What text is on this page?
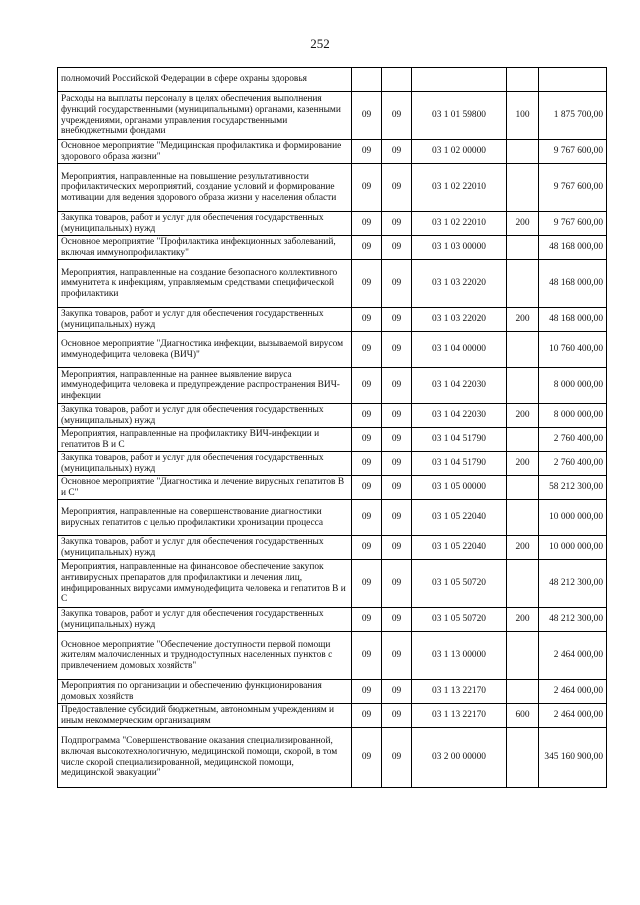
252
полномочий Российской Федерации в сфере охраны здоровья					
Расходы на выплаты персоналу в целях обеспечения выполнения функций государственными (муниципальными) органами, казенными учреждениями, органами управления государственными внебюджетными фондами	09	09	03 1 01 59800	100	1 875 700,00
Основное мероприятие "Медицинская профилактика и формирование здорового образа жизни"	09	09	03 1 02 00000		9 767 600,00
Мероприятия, направленные на повышение результативности профилактических мероприятий, создание условий и формирование мотивации для ведения здорового образа жизни у населения области	09	09	03 1 02 22010		9 767 600,00
Закупка товаров, работ и услуг для обеспечения государственных (муниципальных) нужд	09	09	03 1 02 22010	200	9 767 600,00
Основное мероприятие "Профилактика инфекционных заболеваний, включая иммунопрофилактику"	09	09	03 1 03 00000		48 168 000,00
Мероприятия, направленные на создание безопасного коллективного иммунитета к инфекциям, управляемым средствами специфической профилактики	09	09	03 1 03 22020		48 168 000,00
Закупка товаров, работ и услуг для обеспечения государственных (муниципальных) нужд	09	09	03 1 03 22020	200	48 168 000,00
Основное мероприятие "Диагностика инфекции, вызываемой вирусом иммунодефицита человека (ВИЧ)"	09	09	03 1 04 00000		10 760 400,00
Мероприятия, направленные на раннее выявление вируса иммунодефицита человека и предупреждение распространения ВИЧ-инфекции	09	09	03 1 04 22030		8 000 000,00
Закупка товаров, работ и услуг для обеспечения государственных (муниципальных) нужд	09	09	03 1 04 22030	200	8 000 000,00
Мероприятия, направленные на профилактику ВИЧ-инфекции и гепатитов В и С	09	09	03 1 04 51790		2 760 400,00
Закупка товаров, работ и услуг для обеспечения государственных (муниципальных) нужд	09	09	03 1 04 51790	200	2 760 400,00
Основное мероприятие "Диагностика и лечение вирусных гепатитов В и С"	09	09	03 1 05 00000		58 212 300,00
Мероприятия, направленные на совершенствование диагностики вирусных гепатитов с целью профилактики хронизации процесса	09	09	03 1 05 22040		10 000 000,00
Закупка товаров, работ и услуг для обеспечения государственных (муниципальных) нужд	09	09	03 1 05 22040	200	10 000 000,00
Мероприятия, направленные на финансовое обеспечение закупок антивирусных препаратов для профилактики и лечения лиц, инфицированных вирусами иммунодефицита человека и гепатитов В и С	09	09	03 1 05 50720		48 212 300,00
Закупка товаров, работ и услуг для обеспечения государственных (муниципальных) нужд	09	09	03 1 05 50720	200	48 212 300,00
Основное мероприятие "Обеспечение доступности первой помощи жителям малочисленных и труднодоступных населенных пунктов с привлечением домовых хозяйств"	09	09	03 1 13 00000		2 464 000,00
Мероприятия по организации и обеспечению функционирования домовых хозяйств	09	09	03 1 13 22170		2 464 000,00
Предоставление субсидий бюджетным, автономным учреждениям и иным некоммерческим организациям	09	09	03 1 13 22170	600	2 464 000,00
Подпрограмма "Совершенствование оказания специализированной, включая высокотехнологичную, медицинской помощи, скорой, в том числе скорой специализированной, медицинской помощи, медицинской эвакуации"	09	09	03 2 00 00000		345 160 900,00
